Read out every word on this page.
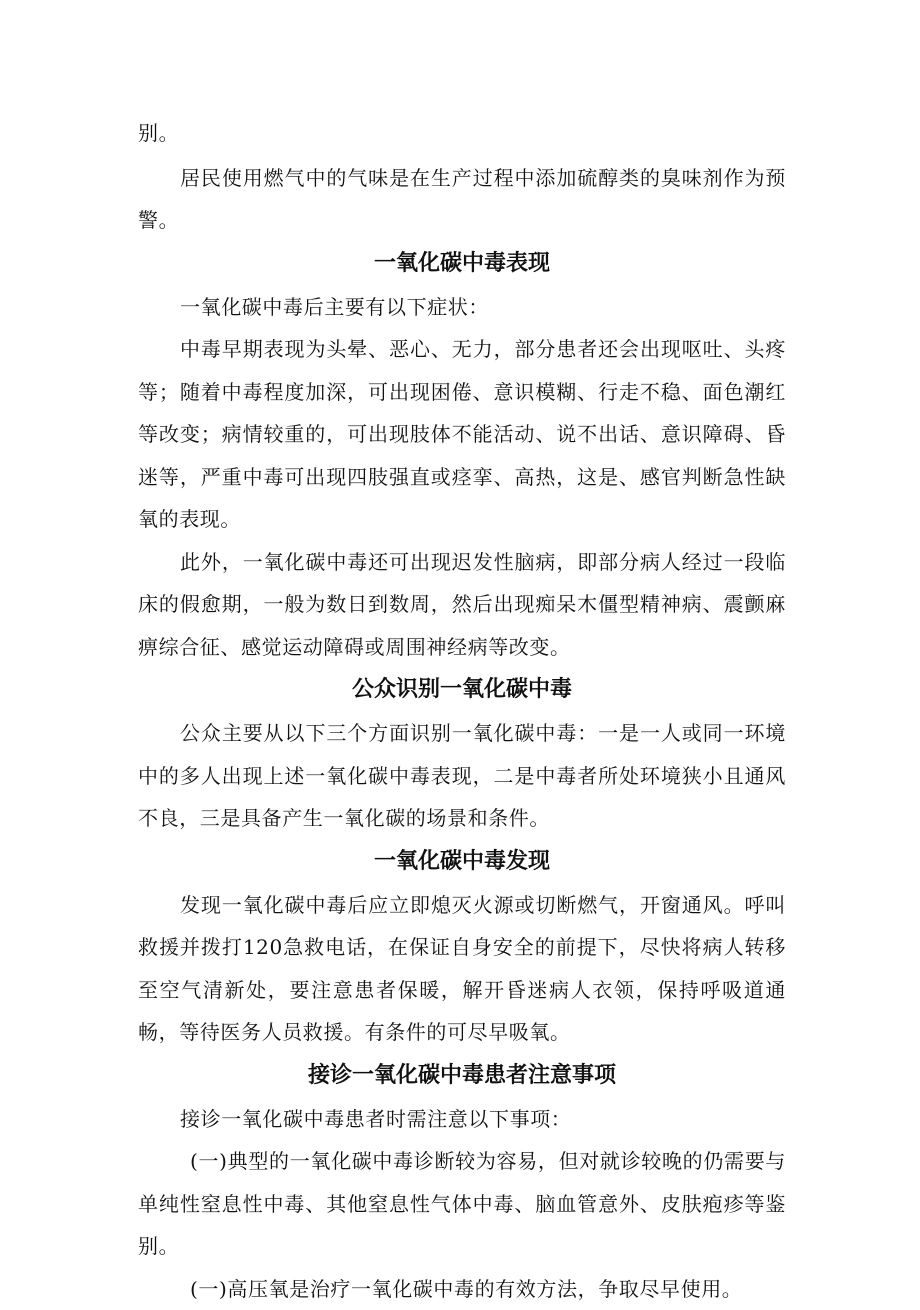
别。

居民使用燃气中的气味是在生产过程中添加硫醇类的臭味剂作为预警。

一氧化碳中毒表现

一氧化碳中毒后主要有以下症状：

中毒早期表现为头晕、恶心、无力，部分患者还会出现呕吐、头疼等；随着中毒程度加深，可出现困倦、意识模糊、行走不稳、面色潮红等改变；病情较重的，可出现肢体不能活动、说不出话、意识障碍、昏迷等，严重中毒可出现四肢强直或痉挛、高热，这是、感官判断急性缺氧的表现。

此外，一氧化碳中毒还可出现迟发性脑病，即部分病人经过一段临床的假愈期，一般为数日到数周，然后出现痴呆木僵型精神病、震颤麻痹综合征、感觉运动障碍或周围神经病等改变。

公众识别一氧化碳中毒

公众主要从以下三个方面识别一氧化碳中毒：一是一人或同一环境中的多人出现上述一氧化碳中毒表现，二是中毒者所处环境狭小且通风不良，三是具备产生一氧化碳的场景和条件。

一氧化碳中毒发现

发现一氧化碳中毒后应立即熄灭火源或切断燃气，开窗通风。呼叫救援并拨打120急救电话，在保证自身安全的前提下，尽快将病人转移至空气清新处，要注意患者保暖，解开昏迷病人衣领，保持呼吸道通畅，等待医务人员救援。有条件的可尽早吸氧。

接诊一氧化碳中毒患者注意事项

接诊一氧化碳中毒患者时需注意以下事项：

(一)典型的一氧化碳中毒诊断较为容易，但对就诊较晚的仍需要与单纯性窒息性中毒、其他窒息性气体中毒、脑血管意外、皮肤疱疹等鉴别。

(一)高压氧是治疗一氧化碳中毒的有效方法，争取尽早使用。
